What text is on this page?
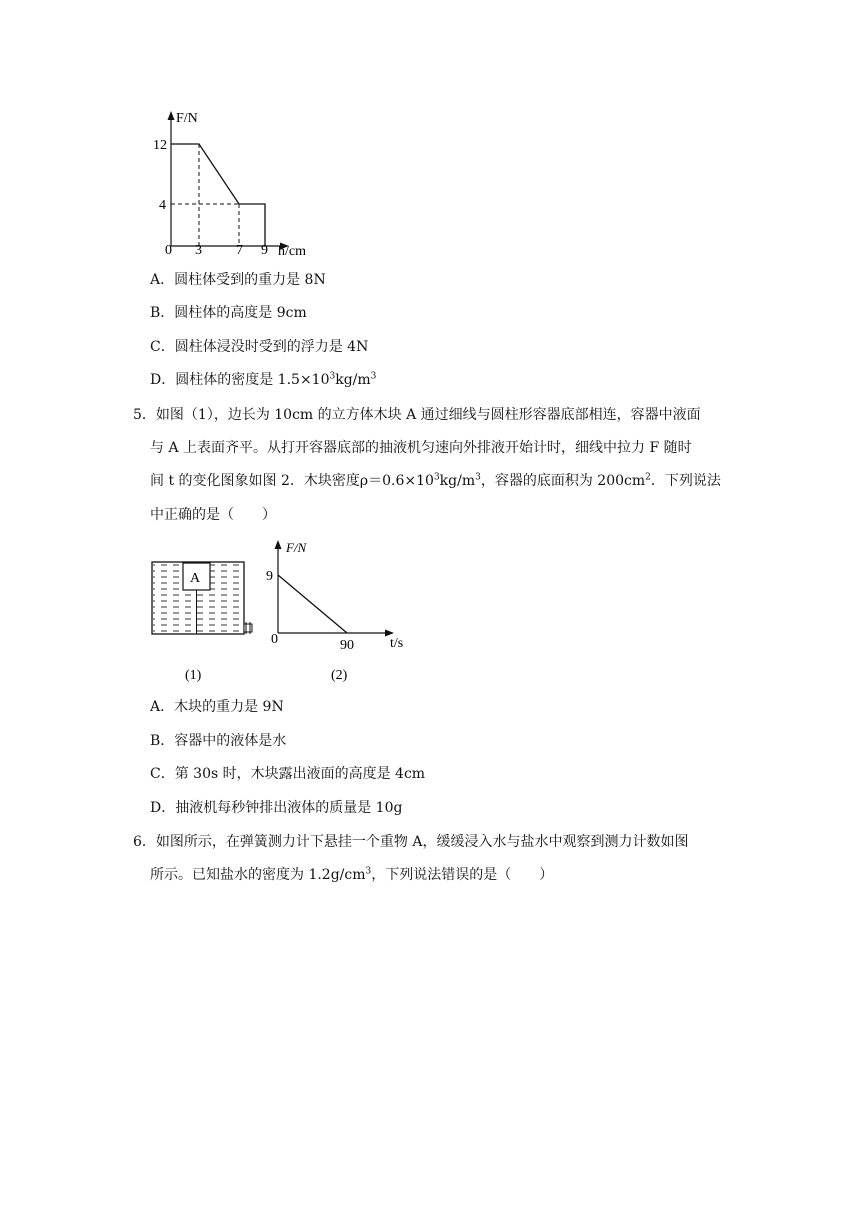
F/N
12
4
0 3 7 9 h/cm
A．圆柱体受到的重力是 8N
B．圆柱体的高度是 9cm
C．圆柱体浸没时受到的浮力是 4N
D．圆柱体的密度是 $1.5\times 10^3kg/m^3$
5．如图（1），边长为 10cm 的立方体木块 A 通过细线与圆柱形容器底部相连，容器中液面
与 A 上表面齐平。从打开容器底部的抽液机匀速向外排液开始计时，细线中拉力 F 随时
间 t 的变化图象如图 2．木块密度$\rho=0.6\times 10^3kg/m^3$，容器的底面积为 $200cm^2$．下列说法
中正确的是（　　）
A
(1)
F/N
9
0	90	t/s
(2)
A．木块的重力是 9N
B．容器中的液体是水
C．第 30s 时，木块露出液面的高度是 4cm
D．抽液机每秒钟排出液体的质量是 10g
6．如图所示，在弹簧测力计下悬挂一个重物 A，缓缓浸入水与盐水中观察到测力计数如图
所示。已知盐水的密度为 $1.2g/cm^3$，下列说法错误的是（　　）
